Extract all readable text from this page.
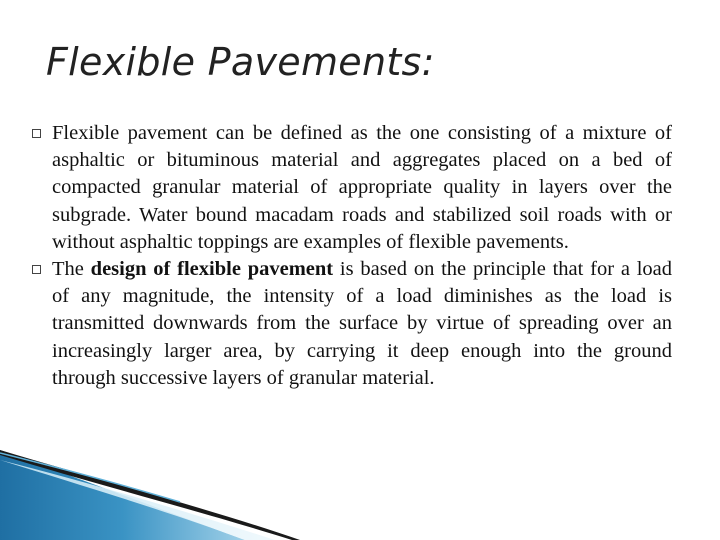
Flexible Pavements:

Flexible pavement can be defined as the one consisting of a mixture of asphaltic or bituminous material and aggregates placed on a bed of compacted granular material of appropriate quality in layers over the subgrade. Water bound macadam roads and stabilized soil roads with or without asphaltic toppings are examples of flexible pavements.

The design of flexible pavement is based on the principle that for a load of any magnitude, the intensity of a load diminishes as the load is transmitted downwards from the surface by virtue of spreading over an increasingly larger area, by carrying it deep enough into the ground through successive layers of granular material.
